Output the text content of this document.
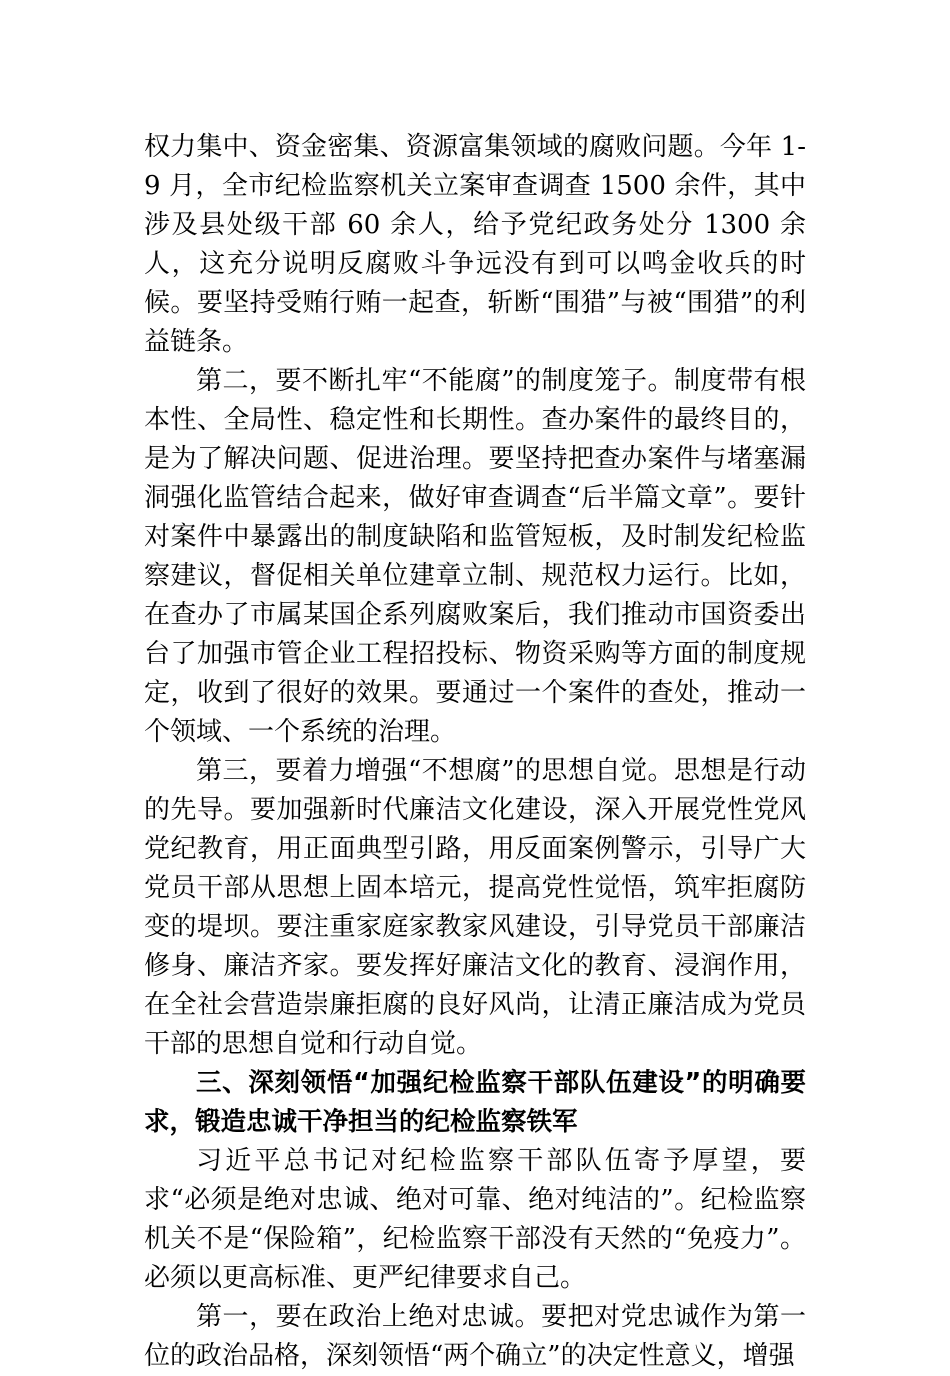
权力集中、资金密集、资源富集领域的腐败问题。今年 1-9 月，全市纪检监察机关立案审查调查 1500 余件，其中涉及县处级干部 60 余人，给予党纪政务处分 1300 余人，这充分说明反腐败斗争远没有到可以鸣金收兵的时候。要坚持受贿行贿一起查，斩断“围猎”与被“围猎”的利益链条。

第二，要不断扎牢“不能腐”的制度笼子。制度带有根本性、全局性、稳定性和长期性。查办案件的最终目的，是为了解决问题、促进治理。要坚持把查办案件与堵塞漏洞强化监管结合起来，做好审查调查“后半篇文章”。要针对案件中暴露出的制度缺陷和监管短板，及时制发纪检监察建议，督促相关单位建章立制、规范权力运行。比如，在查办了市属某国企系列腐败案后，我们推动市国资委出台了加强市管企业工程招投标、物资采购等方面的制度规定，收到了很好的效果。要通过一个案件的查处，推动一个领域、一个系统的治理。

第三，要着力增强“不想腐”的思想自觉。思想是行动的先导。要加强新时代廉洁文化建设，深入开展党性党风党纪教育，用正面典型引路，用反面案例警示，引导广大党员干部从思想上固本培元，提高党性觉悟，筑牢拒腐防变的堤坝。要注重家庭家教家风建设，引导党员干部廉洁修身、廉洁齐家。要发挥好廉洁文化的教育、浸润作用，在全社会营造崇廉拒腐的良好风尚，让清正廉洁成为党员干部的思想自觉和行动自觉。

三、深刻领悟“加强纪检监察干部队伍建设”的明确要求，锻造忠诚干净担当的纪检监察铁军

习近平总书记对纪检监察干部队伍寄予厚望，要求“必须是绝对忠诚、绝对可靠、绝对纯洁的”。纪检监察机关不是“保险箱”，纪检监察干部没有天然的“免疫力”。必须以更高标准、更严纪律要求自己。

第一，要在政治上绝对忠诚。要把对党忠诚作为第一位的政治品格，深刻领悟“两个确立”的决定性意义，增强
